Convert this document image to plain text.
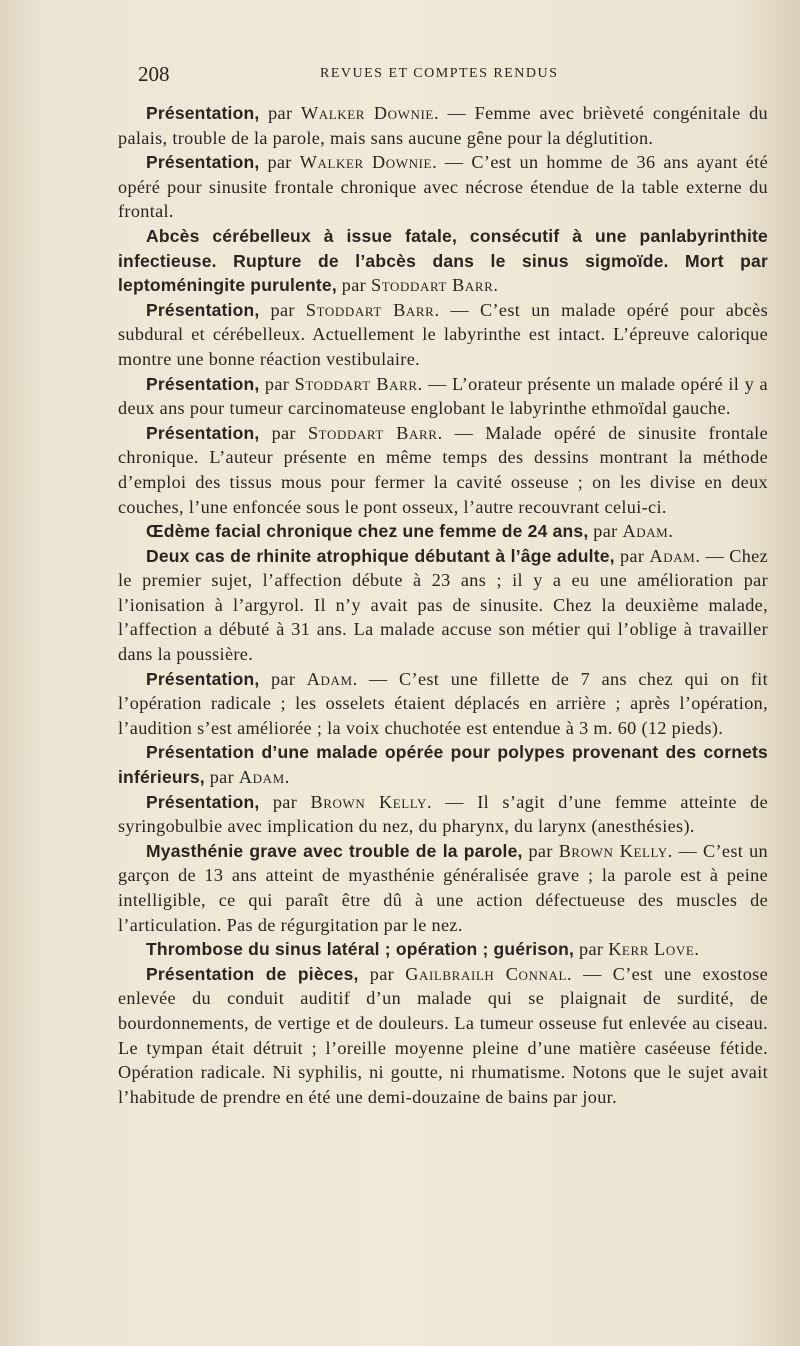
208	REVUES ET COMPTES RENDUS

Présentation, par Walker Downie. — Femme avec brièveté congénitale du palais, trouble de la parole, mais sans aucune gêne pour la déglutition.

Présentation, par Walker Downie. — C’est un homme de 36 ans ayant été opéré pour sinusite frontale chronique avec nécrose étendue de la table externe du frontal.

Abcès cérébelleux à issue fatale, consécutif à une panlabyrinthite infectieuse. Rupture de l’abcès dans le sinus sigmoïde. Mort par leptoméningite purulente, par Stoddart Barr.

Présentation, par Stoddart Barr. — C’est un malade opéré pour abcès subdural et cérébelleux. Actuellement le labyrinthe est intact. L’épreuve calorique montre une bonne réaction vestibulaire.

Présentation, par Stoddart Barr. — L’orateur présente un malade opéré il y a deux ans pour tumeur carcinomateuse englobant le labyrinthe ethmoïdal gauche.

Présentation, par Stoddart Barr. — Malade opéré de sinusite frontale chronique. L’auteur présente en même temps des dessins montrant la méthode d’emploi des tissus mous pour fermer la cavité osseuse ; on les divise en deux couches, l’une enfoncée sous le pont osseux, l’autre recouvrant celui-ci.

Œdème facial chronique chez une femme de 24 ans, par Adam.

Deux cas de rhinite atrophique débutant à l’âge adulte, par Adam. — Chez le premier sujet, l’affection débute à 23 ans ; il y a eu une amélioration par l’ionisation à l’argyrol. Il n’y avait pas de sinusite. Chez la deuxième malade, l’affection a débuté à 31 ans. La malade accuse son métier qui l’oblige à travailler dans la poussière.

Présentation, par Adam. — C’est une fillette de 7 ans chez qui on fit l’opération radicale ; les osselets étaient déplacés en arrière ; après l’opération, l’audition s’est améliorée ; la voix chuchotée est entendue à 3 m. 60 (12 pieds).

Présentation d’une malade opérée pour polypes provenant des cornets inférieurs, par Adam.

Présentation, par Brown Kelly. — Il s’agit d’une femme atteinte de syringobulbie avec implication du nez, du pharynx, du larynx (anesthésies).

Myasthénie grave avec trouble de la parole, par Brown Kelly. — C’est un garçon de 13 ans atteint de myasthénie généralisée grave ; la parole est à peine intelligible, ce qui paraît être dû à une action défectueuse des muscles de l’articulation. Pas de régurgitation par le nez.

Thrombose du sinus latéral ; opération ; guérison, par Kerr Love.

Présentation de pièces, par Gailbrailh Connal. — C’est une exostose enlevée du conduit auditif d’un malade qui se plaignait de surdité, de bourdonnements, de vertige et de douleurs. La tumeur osseuse fut enlevée au ciseau. Le tympan était détruit ; l’oreille moyenne pleine d’une matière caséeuse fétide. Opération radicale. Ni syphilis, ni goutte, ni rhumatisme. Notons que le sujet avait l’habitude de prendre en été une demi-douzaine de bains par jour.
